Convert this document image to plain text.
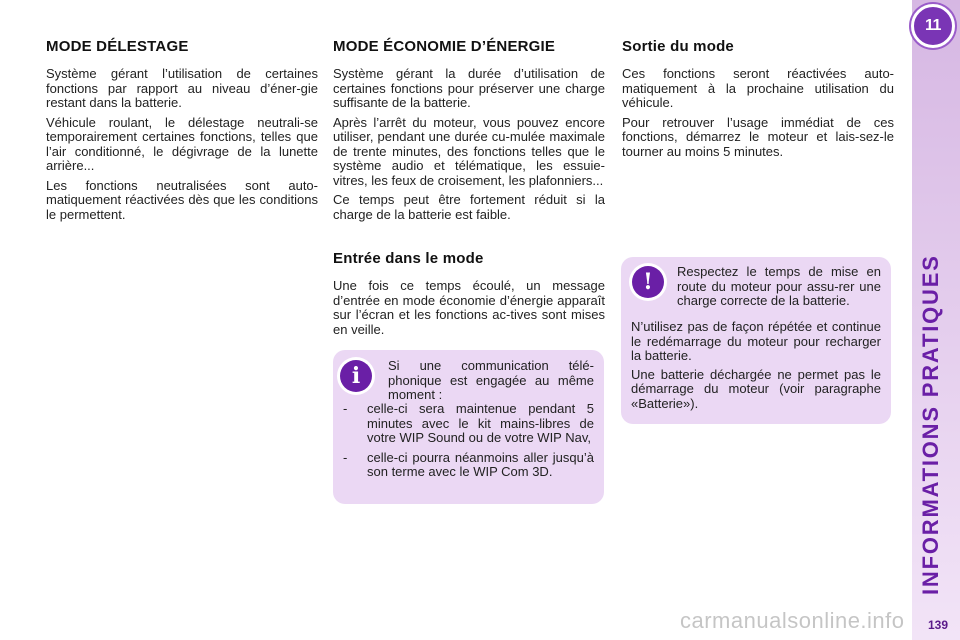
MODE DÉLESTAGE

Système gérant l’utilisation de certaines fonctions par rapport au niveau d’éner-gie restant dans la batterie.

Véhicule roulant, le délestage neutrali-se temporairement certaines fonctions, telles que l’air conditionné, le dégivrage de la lunette arrière...

Les fonctions neutralisées sont auto-matiquement réactivées dès que les conditions le permettent.

MODE ÉCONOMIE D’ÉNERGIE

Système gérant la durée d’utilisation de certaines fonctions pour préserver une charge suffisante de la batterie.

Après l’arrêt du moteur, vous pouvez encore utiliser, pendant une durée cu-mulée maximale de trente minutes, des fonctions telles que le système audio et télématique, les essuie-vitres, les feux de croisement, les plafonniers...

Ce temps peut être fortement réduit si la charge de la batterie est faible.

Entrée dans le mode

Une fois ce temps écoulé, un message d’entrée en mode économie d’énergie apparaît sur l’écran et les fonctions ac-tives sont mises en veille.

i	Si une communication télé-phonique est engagée au même moment :
-	celle-ci sera maintenue pendant 5 minutes avec le kit mains-libres de votre WIP Sound ou de votre WIP Nav,
-	celle-ci pourra néanmoins aller jusqu’à son terme avec le WIP Com 3D.
Sortie du mode

Ces fonctions seront réactivées auto-matiquement à la prochaine utilisation du véhicule.

Pour retrouver l’usage immédiat de ces fonctions, démarrez le moteur et lais-sez-le tourner au moins 5 minutes.

!	Respectez le temps de mise en route du moteur pour assu-rer une charge correcte de la batterie.

N’utilisez pas de façon répétée et continue le redémarrage du moteur pour recharger la batterie.

Une batterie déchargée ne permet pas le démarrage du moteur (voir paragraphe «Batterie»).

11
INFORMATIONS PRATIQUES
139
carmanualsonline.info
